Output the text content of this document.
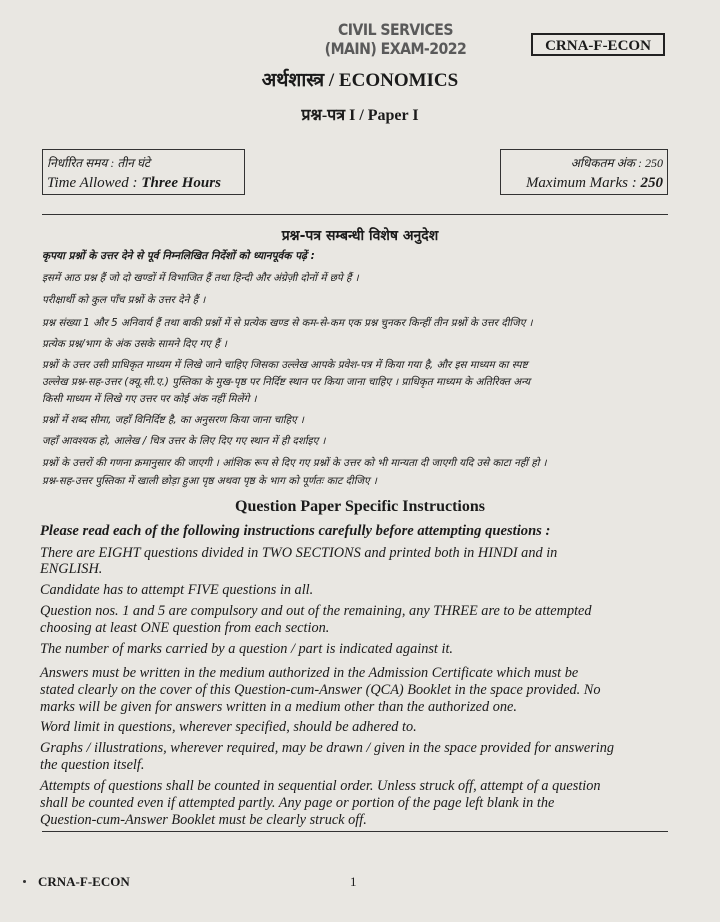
CIVIL SERVICES (MAIN) EXAM-2022	CRNA-F-ECON
अर्थशास्त्र / ECONOMICS
प्रश्न-पत्र I / Paper I
निर्धारित समय : तीन घंटे
Time Allowed : Three Hours
अधिकतम अंक : 250
Maximum Marks : 250
प्रश्न-पत्र सम्बन्धी विशेष अनुदेश

कृपया प्रश्नों के उत्तर देने से पूर्व निम्नलिखित निर्देशों को ध्यानपूर्वक पढ़ें :

इसमें आठ प्रश्न हैं जो दो खण्डों में विभाजित हैं तथा हिन्दी और अंग्रेज़ी दोनों में छपे हैं ।

परीक्षार्थी को कुल पाँच प्रश्नों के उत्तर देने हैं ।

प्रश्न संख्या 1 और 5 अनिवार्य हैं तथा बाकी प्रश्नों में से प्रत्येक खण्ड से कम-से-कम एक प्रश्न चुनकर किन्हीं तीन प्रश्नों के उत्तर दीजिए ।

प्रत्येक प्रश्न/भाग के अंक उसके सामने दिए गए हैं ।

प्रश्नों के उत्तर उसी प्राधिकृत माध्यम में लिखे जाने चाहिए जिसका उल्लेख आपके प्रवेश-पत्र में किया गया है, और इस माध्यम का स्पष्ट

उल्लेख प्रश्न-सह-उत्तर (क्यू.सी.ए.) पुस्तिका के मुख-पृष्ठ पर निर्दिष्ट स्थान पर किया जाना चाहिए । प्राधिकृत माध्यम के अतिरिक्त अन्य

किसी माध्यम में लिखे गए उत्तर पर कोई अंक नहीं मिलेंगे ।

प्रश्नों में शब्द सीमा, जहाँ विनिर्दिष्ट है, का अनुसरण किया जाना चाहिए ।

जहाँ आवश्यक हो, आलेख / चित्र उत्तर के लिए दिए गए स्थान में ही दर्शाइए ।

प्रश्नों के उत्तरों की गणना क्रमानुसार की जाएगी । आंशिक रूप से दिए गए प्रश्नों के उत्तर को भी मान्यता दी जाएगी यदि उसे काटा नहीं हो ।

प्रश्न-सह-उत्तर पुस्तिका में खाली छोड़ा हुआ पृष्ठ अथवा पृष्ठ के भाग को पूर्णतः काट दीजिए ।

Question Paper Specific Instructions

Please read each of the following instructions carefully before attempting questions :

There are EIGHT questions divided in TWO SECTIONS and printed both in HINDI and in

ENGLISH.

Candidate has to attempt FIVE questions in all.

Question nos. 1 and 5 are compulsory and out of the remaining, any THREE are to be attempted

choosing at least ONE question from each section.

The number of marks carried by a question / part is indicated against it.

Answers must be written in the medium authorized in the Admission Certificate which must be

stated clearly on the cover of this Question-cum-Answer (QCA) Booklet in the space provided. No

marks will be given for answers written in a medium other than the authorized one.

Word limit in questions, wherever specified, should be adhered to.

Graphs / illustrations, wherever required, may be drawn / given in the space provided for answering

the question itself.

Attempts of questions shall be counted in sequential order. Unless struck off, attempt of a question

shall be counted even if attempted partly. Any page or portion of the page left blank in the

Question-cum-Answer Booklet must be clearly struck off.

CRNA-F-ECON	1
